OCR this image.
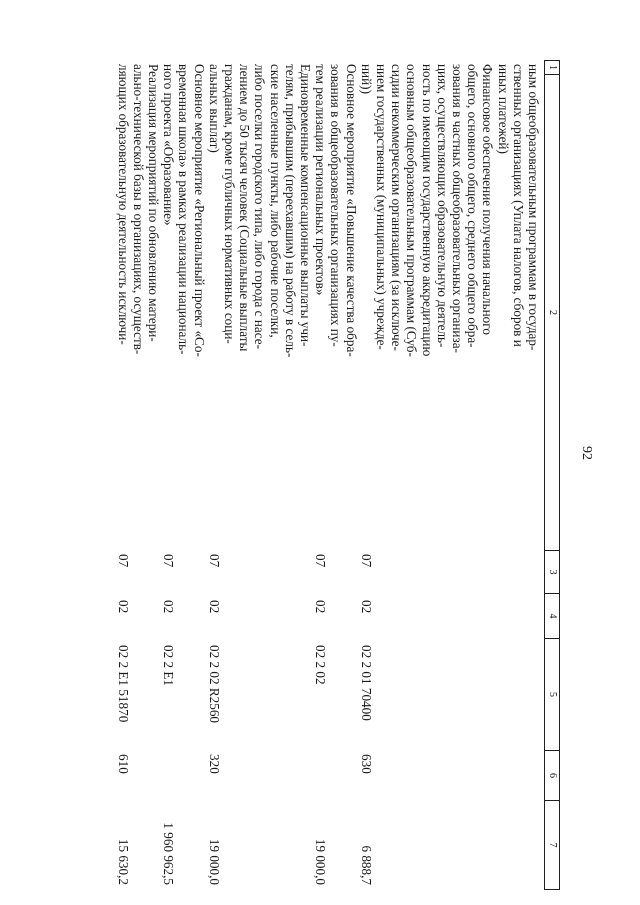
92
1
2
3
4
5
6
7
ным общеобразовательным программам в государ-
ственных организациях (Уплата налогов, сборов и
иных платежей)
Финансовое обеспечение получения начального
общего, основного общего, среднего общего обра-
зования в частных общеобразовательных организа-
циях, осуществляющих образовательную деятель-
ность по имеющим государственную аккредитацию
основным общеобразовательным программам (Суб-
сидии некоммерческим организациям (за исключе-
нием государственных (муниципальных) учрежде-
ний))
07
02
02 2 01 70400
630
6 888,7
Основное мероприятие «Повышение качества обра-
зования в общеобразовательных организациях пу-
тем реализации региональных проектов»
07
02
02 2 02
19 000,0
Единовременные компенсационные выплаты учи-
телям, прибывшим (переехавшим) на работу в сель-
ские населенные пункты, либо рабочие поселки,
либо поселки городского типа, либо города с насе-
лением до 50 тысяч человек (Социальные выплаты
гражданам, кроме публичных нормативных соци-
альных выплат)
07
02
02 2 02 R2560
320
19 000,0
Основное мероприятие «Региональный проект «Со-
временная школа» в рамках реализации националь-
ного проекта «Образование»
07
02
02 2 E1
1 960 962,5
Реализация мероприятий по обновлению матери-
ально-технической базы в организациях, осуществ-
ляющих образовательную деятельность исключи-
07
02
02 2 E1 51870
610
15 630,2
